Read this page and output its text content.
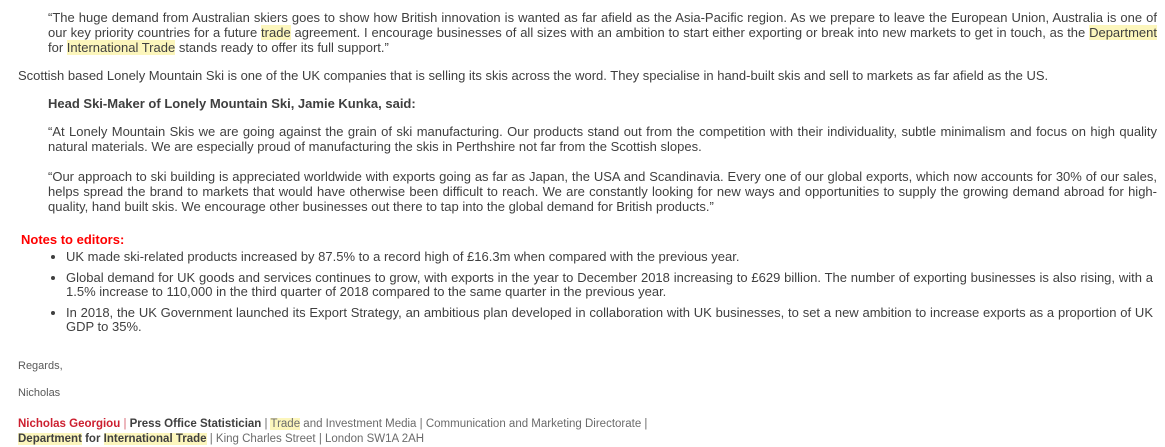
“The huge demand from Australian skiers goes to show how British innovation is wanted as far afield as the Asia-Pacific region. As we prepare to leave the European Union, Australia is one of our key priority countries for a future trade agreement. I encourage businesses of all sizes with an ambition to start either exporting or break into new markets to get in touch, as the Department for International Trade stands ready to offer its full support.”

Scottish based Lonely Mountain Ski is one of the UK companies that is selling its skis across the word. They specialise in hand-built skis and sell to markets as far afield as the US.

Head Ski-Maker of Lonely Mountain Ski, Jamie Kunka, said:

“At Lonely Mountain Skis we are going against the grain of ski manufacturing. Our products stand out from the competition with their individuality, subtle minimalism and focus on high quality natural materials. We are especially proud of manufacturing the skis in Perthshire not far from the Scottish slopes.

“Our approach to ski building is appreciated worldwide with exports going as far as Japan, the USA and Scandinavia. Every one of our global exports, which now accounts for 30% of our sales, helps spread the brand to markets that would have otherwise been difficult to reach. We are constantly looking for new ways and opportunities to supply the growing demand abroad for high-quality, hand built skis. We encourage other businesses out there to tap into the global demand for British products.”

Notes to editors:

• UK made ski-related products increased by 87.5% to a record high of £16.3m when compared with the previous year.
• Global demand for UK goods and services continues to grow, with exports in the year to December 2018 increasing to £629 billion. The number of exporting businesses is also rising, with a 1.5% increase to 110,000 in the third quarter of 2018 compared to the same quarter in the previous year.
• In 2018, the UK Government launched its Export Strategy, an ambitious plan developed in collaboration with UK businesses, to set a new ambition to increase exports as a proportion of UK GDP to 35%.

Regards,

Nicholas

Nicholas Georgiou | Press Office Statistician | Trade and Investment Media | Communication and Marketing Directorate |

Department for International Trade | King Charles Street | London SW1A 2AH
